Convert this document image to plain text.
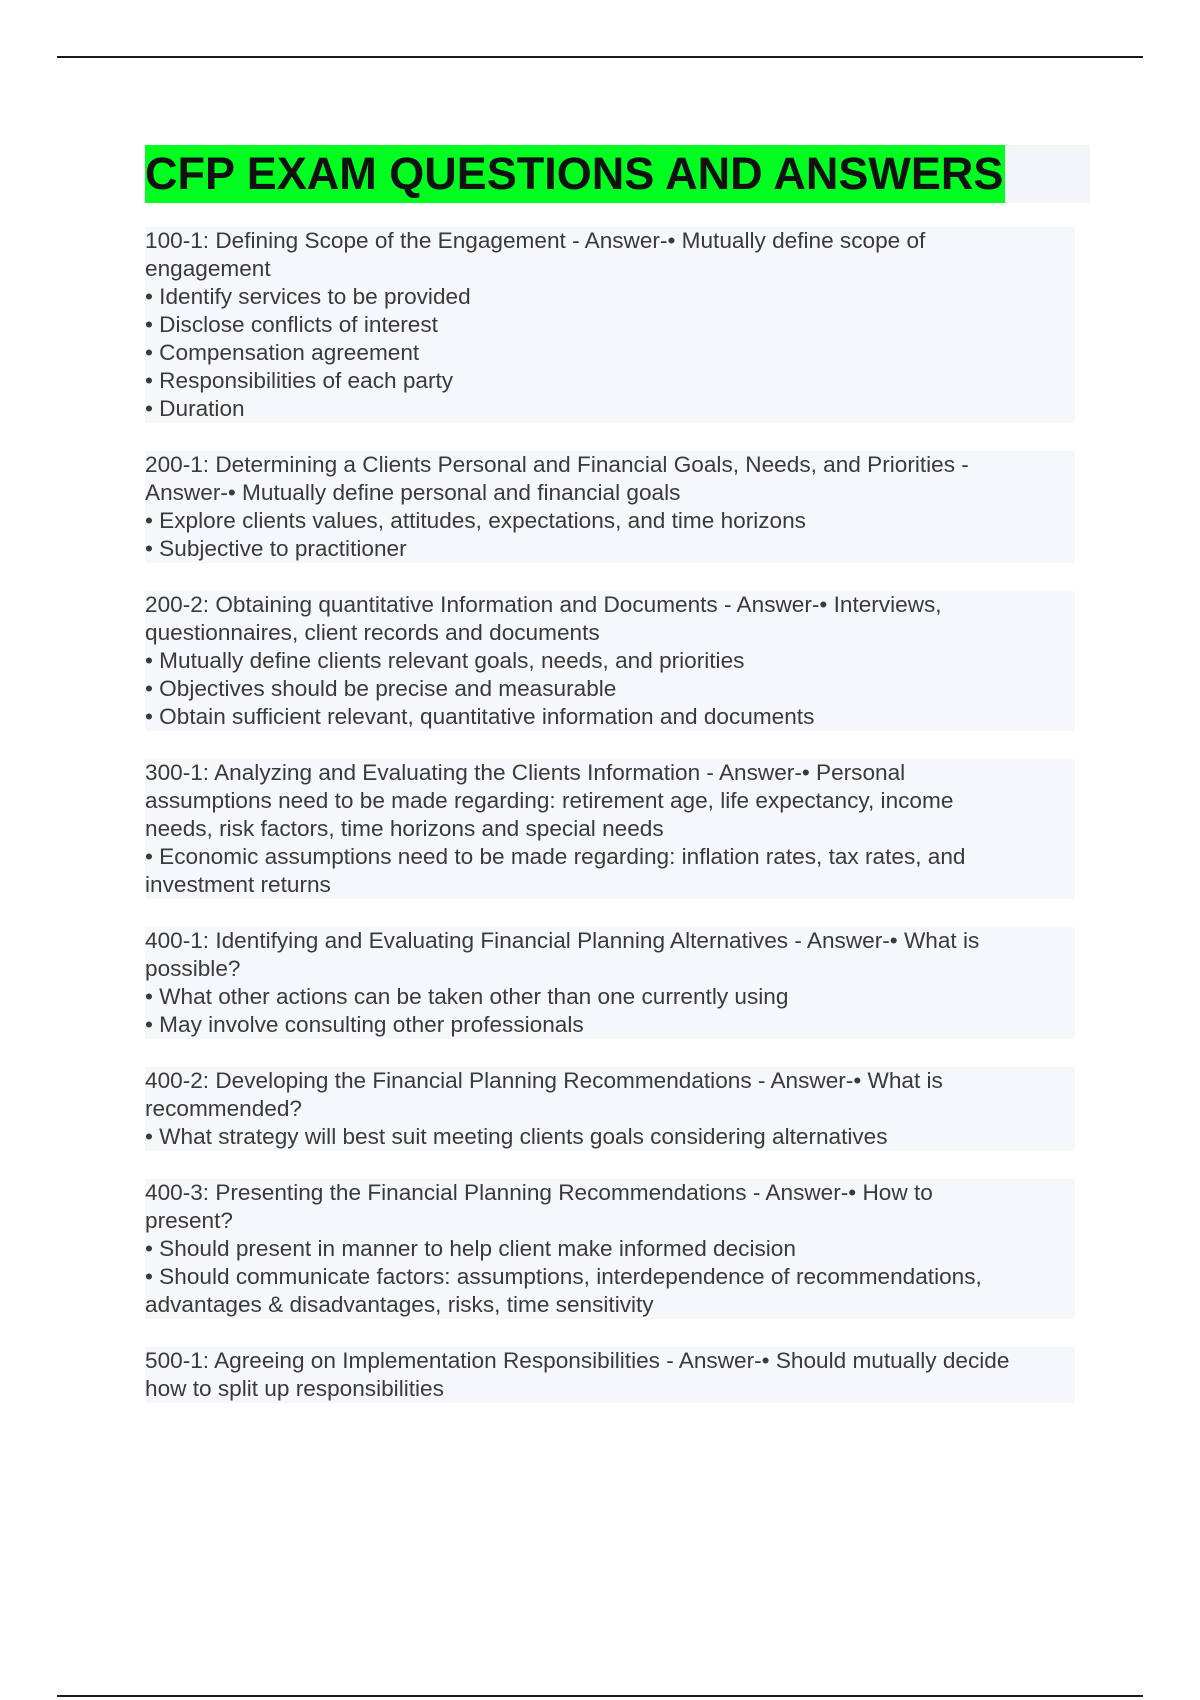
CFP EXAM QUESTIONS AND ANSWERS
100-1: Defining Scope of the Engagement - Answer-• Mutually define scope of
engagement
• Identify services to be provided
• Disclose conflicts of interest
• Compensation agreement
• Responsibilities of each party
• Duration
200-1: Determining a Clients Personal and Financial Goals, Needs, and Priorities -
Answer-• Mutually define personal and financial goals
• Explore clients values, attitudes, expectations, and time horizons
• Subjective to practitioner
200-2: Obtaining quantitative Information and Documents - Answer-• Interviews,
questionnaires, client records and documents
• Mutually define clients relevant goals, needs, and priorities
• Objectives should be precise and measurable
• Obtain sufficient relevant, quantitative information and documents
300-1: Analyzing and Evaluating the Clients Information - Answer-• Personal
assumptions need to be made regarding: retirement age, life expectancy, income
needs, risk factors, time horizons and special needs
• Economic assumptions need to be made regarding: inflation rates, tax rates, and
investment returns
400-1: Identifying and Evaluating Financial Planning Alternatives - Answer-• What is
possible?
• What other actions can be taken other than one currently using
• May involve consulting other professionals
400-2: Developing the Financial Planning Recommendations - Answer-• What is
recommended?
• What strategy will best suit meeting clients goals considering alternatives
400-3: Presenting the Financial Planning Recommendations - Answer-• How to
present?
• Should present in manner to help client make informed decision
• Should communicate factors: assumptions, interdependence of recommendations,
advantages & disadvantages, risks, time sensitivity
500-1: Agreeing on Implementation Responsibilities - Answer-• Should mutually decide
how to split up responsibilities
